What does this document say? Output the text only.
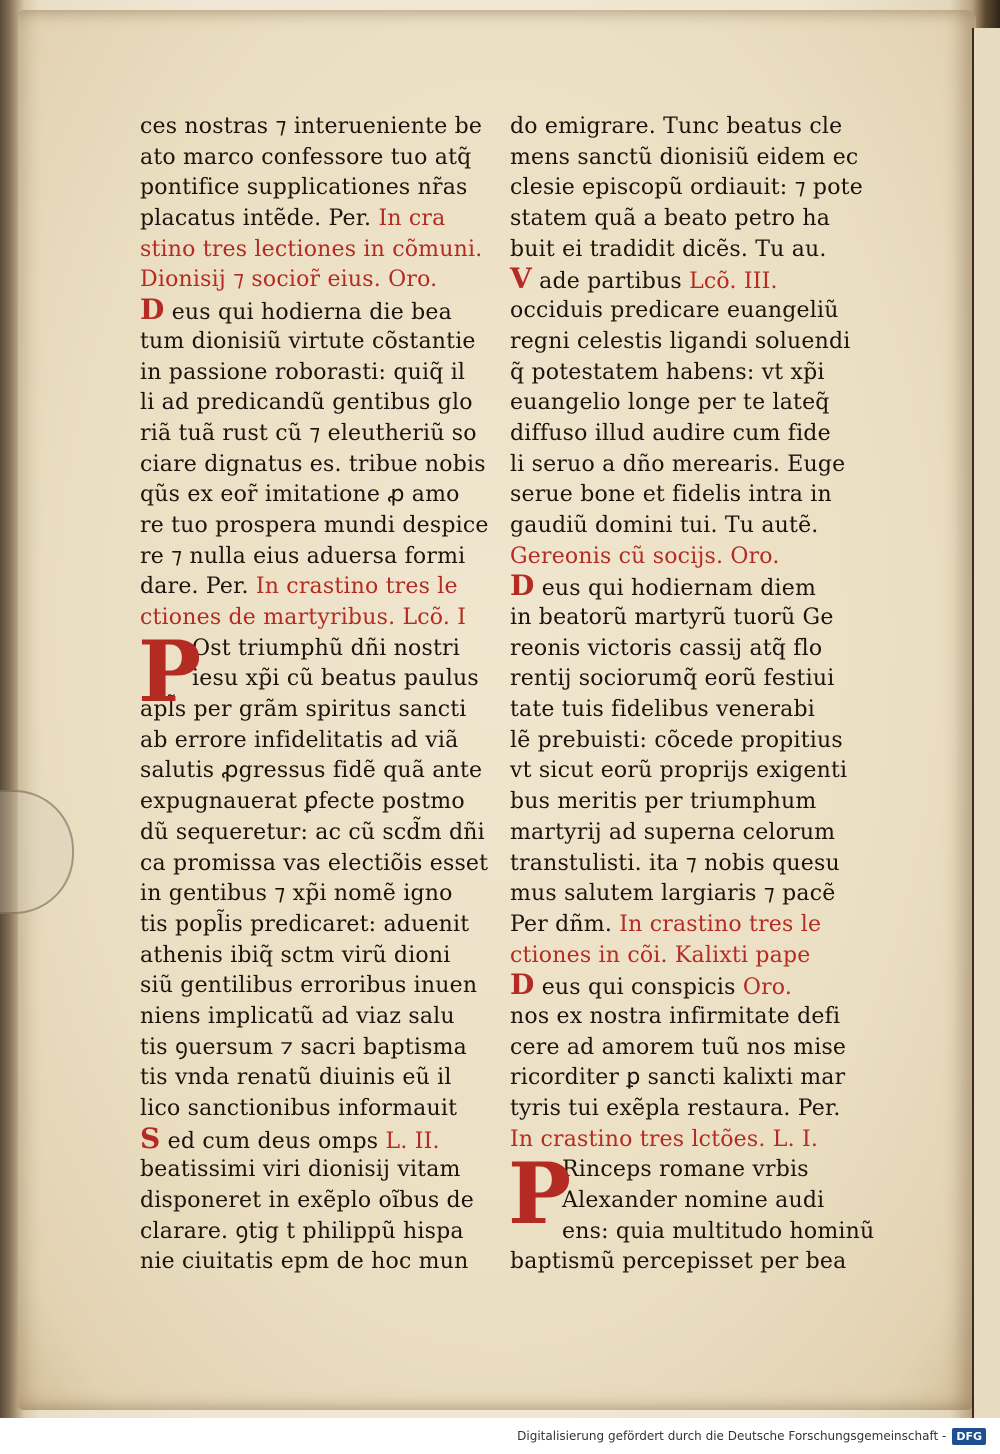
ces nostras ⁊ interueniente be
ato marco confessore tuo atq̃
pontifice supplicationes nr̃as
placatus intẽde. Per. In cra
stino tres lectiones in cõmuni.
Dionisij ⁊ socior̃ eius. Oro.
D eus qui hodierna die bea
tum dionisiũ virtute cõstantie
in passione roborasti: quiq̃ il
li ad predicandũ gentibus glo
riã tuã rust cũ ⁊ eleutheriũ so
ciare dignatus es. tribue nobis
qũs ex eor̃ imitatione ꝓ amo
re tuo prospera mundi despice
re ⁊ nulla eius aduersa formi
dare. Per. In crastino tres le
ctiones de martyribus. Lcõ. I
P
Ost triumphũ dñi nostri
iesu xp̃i cũ beatus paulus
apl̃s per grãm spiritus sancti
ab errore infidelitatis ad viã
salutis ꝓgressus fidẽ quã ante
expugnauerat ꝑfecte postmo
dũ sequeretur: ac cũ scd̃m dñi
ca promissa vas electiõis esset
in gentibus ⁊ xp̃i nomẽ igno
tis popl̃is predicaret: aduenit
athenis ibiq̃ sctm virũ dioni
siũ gentilibus erroribus inuen
niens implicatũ ad viaz salu
tis ꝯuersum ⁊ sacri baptisma
tis vnda renatũ diuinis eũ il
lico sanctionibus informauit
S ed cum deus omps L. II.
beatissimi viri dionisij vitam
disponeret in exẽplo oĩbus de
clarare. ꝯtig t philippũ hispa
nie ciuitatis epm de hoc mun
do emigrare. Tunc beatus cle
mens sanctũ dionisiũ eidem ec
clesie episcopũ ordiauit: ⁊ pote
statem quã a beato petro ha
buit ei tradidit dicẽs. Tu au.
V ade partibus Lcõ. III.
occiduis predicare euangeliũ
regni celestis ligandi soluendi
q̃ potestatem habens: vt xp̃i
euangelio longe per te lateq̃
diffuso illud audire cum fide
li seruo a dño merearis. Euge
serue bone et fidelis intra in
gaudiũ domini tui. Tu autẽ.
Gereonis cũ socijs. Oro.
D eus qui hodiernam diem
in beatorũ martyrũ tuorũ Ge
reonis victoris cassij atq̃ flo
rentij sociorumq̃ eorũ festiui
tate tuis fidelibus venerabi
lẽ prebuisti: cõcede propitius
vt sicut eorũ proprijs exigenti
bus meritis per triumphum
martyrij ad superna celorum
transtulisti. ita ⁊ nobis quesu
mus salutem largiaris ⁊ pacẽ
Per dñm. In crastino tres le
ctiones in cõi. Kalixti pape
D eus qui conspicis Oro.
nos ex nostra infirmitate defi
cere ad amorem tuũ nos mise
ricorditer ꝑ sancti kalixti mar
tyris tui exẽpla restaura. Per.
In crastino tres lctões. L. I.
P
Rinceps romane vrbis
Alexander nomine audi
ens: quia multitudo hominũ
baptismũ percepisset per bea
Digitalisierung gefördert durch die Deutsche Forschungsgemeinschaft - DFG
